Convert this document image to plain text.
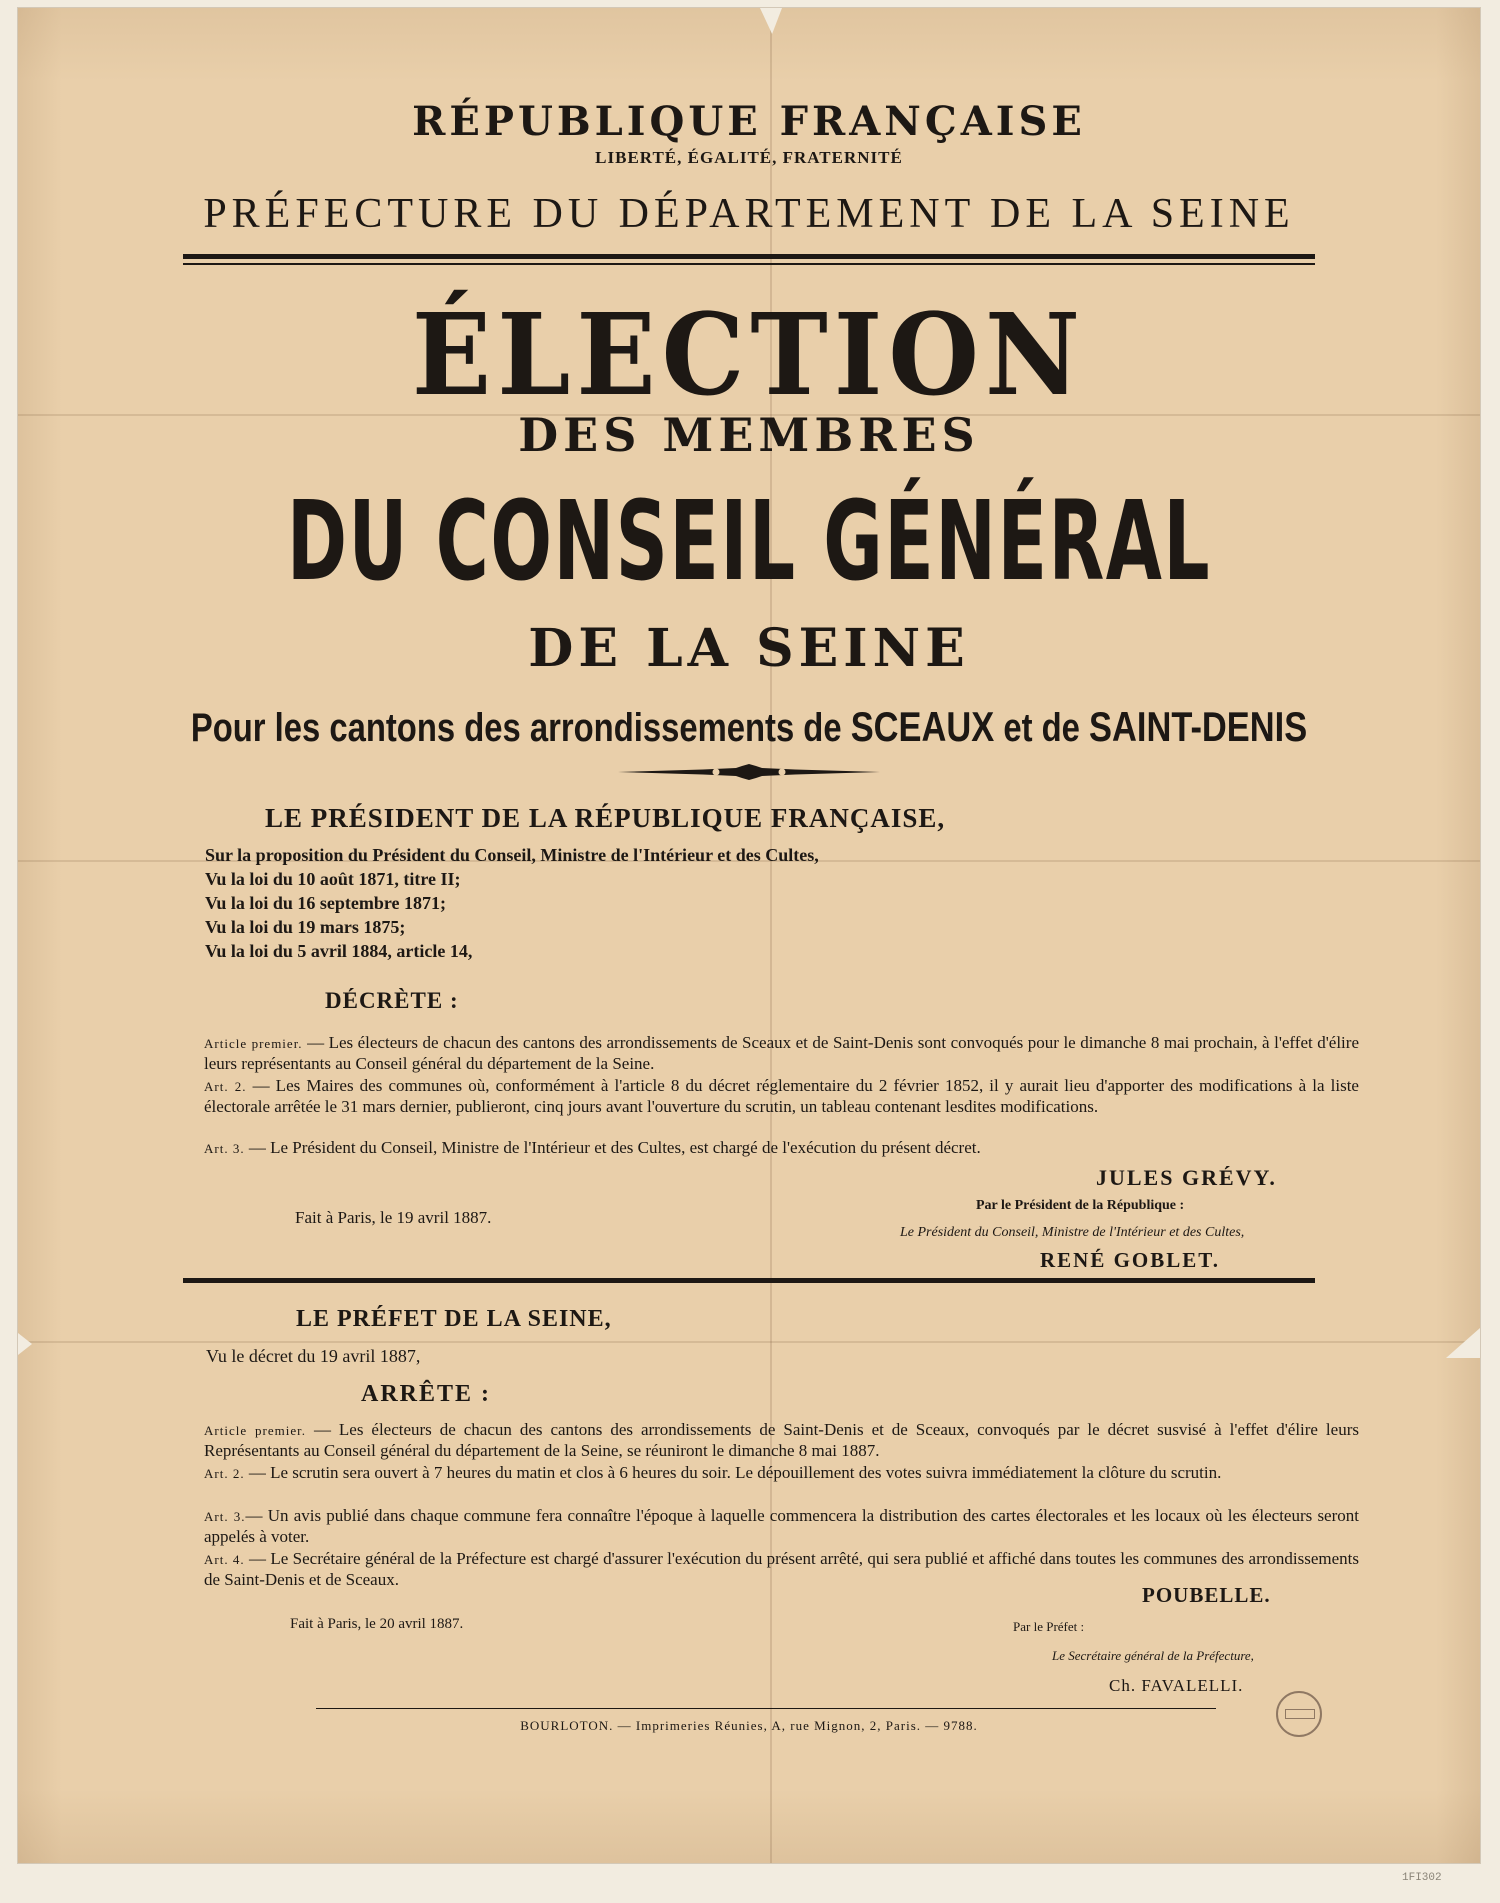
RÉPUBLIQUE FRANÇAISE
LIBERTÉ, ÉGALITÉ, FRATERNITÉ
PRÉFECTURE DU DÉPARTEMENT DE LA SEINE
ÉLECTION
DES MEMBRES
DU CONSEIL GÉNÉRAL
DE LA SEINE
Pour les cantons des arrondissements de SCEAUX et de SAINT-DENIS
LE PRÉSIDENT DE LA RÉPUBLIQUE FRANÇAISE,
Sur la proposition du Président du Conseil, Ministre de l'Intérieur et des Cultes,
Vu la loi du 10 août 1871, titre II;
Vu la loi du 16 septembre 1871;
Vu la loi du 19 mars 1875;
Vu la loi du 5 avril 1884, article 14,
DÉCRÈTE :
Article premier. — Les électeurs de chacun des cantons des arrondissements de Sceaux et de Saint-Denis sont convoqués pour le dimanche 8 mai prochain, à l'effet d'élire leurs représentants au Conseil général du département de la Seine.
Art. 2. — Les Maires des communes où, conformément à l'article 8 du décret réglementaire du 2 février 1852, il y aurait lieu d'apporter des modifications à la liste électorale arrêtée le 31 mars dernier, publieront, cinq jours avant l'ouverture du scrutin, un tableau contenant lesdites modifications.
Art. 3. — Le Président du Conseil, Ministre de l'Intérieur et des Cultes, est chargé de l'exécution du présent décret.
Fait à Paris, le 19 avril 1887.
JULES GRÉVY.
Par le Président de la République :
Le Président du Conseil, Ministre de l'Intérieur et des Cultes,
RENÉ GOBLET.
LE PRÉFET DE LA SEINE,
Vu le décret du 19 avril 1887,
ARRÊTE :
Article premier. — Les électeurs de chacun des cantons des arrondissements de Saint-Denis et de Sceaux, convoqués par le décret susvisé à l'effet d'élire leurs Représentants au Conseil général du département de la Seine, se réuniront le dimanche 8 mai 1887.
Art. 2. — Le scrutin sera ouvert à 7 heures du matin et clos à 6 heures du soir. Le dépouillement des votes suivra immédiatement la clôture du scrutin.
Art. 3.— Un avis publié dans chaque commune fera connaître l'époque à laquelle commencera la distribution des cartes électorales et les locaux où les électeurs seront appelés à voter.
Art. 4. — Le Secrétaire général de la Préfecture est chargé d'assurer l'exécution du présent arrêté, qui sera publié et affiché dans toutes les communes des arrondissements de Saint-Denis et de Sceaux.
POUBELLE.
Fait à Paris, le 20 avril 1887.	Par le Préfet :
Le Secrétaire général de la Préfecture,
Ch. FAVALELLI.
BOURLOTON. — Imprimeries Réunies, A, rue Mignon, 2, Paris. — 9788.
1FI302
